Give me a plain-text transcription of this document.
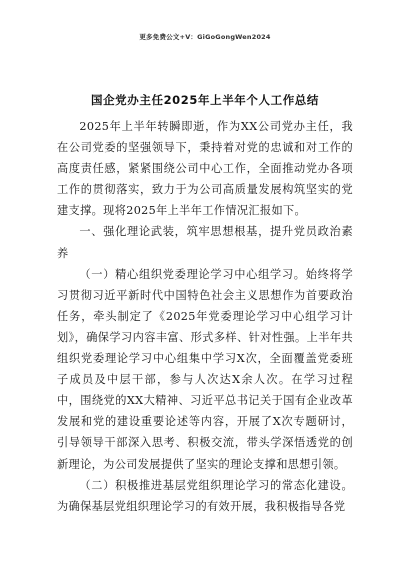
更多免费公文+V：GiGoGongWen2024
国企党办主任2025年上半年个人工作总结

2025年上半年转瞬即逝，作为XX公司党办主任，我在公司党委的坚强领导下，秉持着对党的忠诚和对工作的高度责任感，紧紧围绕公司中心工作，全面推动党办各项工作的贯彻落实，致力于为公司高质量发展构筑坚实的党建支撑。现将2025年上半年工作情况汇报如下。

一、强化理论武装，筑牢思想根基，提升党员政治素养

（一）精心组织党委理论学习中心组学习。始终将学习贯彻习近平新时代中国特色社会主义思想作为首要政治任务，牵头制定了《2025年党委理论学习中心组学习计划》，确保学习内容丰富、形式多样、针对性强。上半年共组织党委理论学习中心组集中学习X次，全面覆盖党委班子成员及中层干部，参与人次达X余人次。在学习过程中，围绕党的XX大精神、习近平总书记关于国有企业改革发展和党的建设重要论述等内容，开展了X次专题研讨，引导领导干部深入思考、积极交流，带头学深悟透党的创新理论，为公司发展提供了坚实的理论支撑和思想引领。

（二）积极推进基层党组织理论学习的常态化建设。为确保基层党组织理论学习的有效开展，我积极指导各党
